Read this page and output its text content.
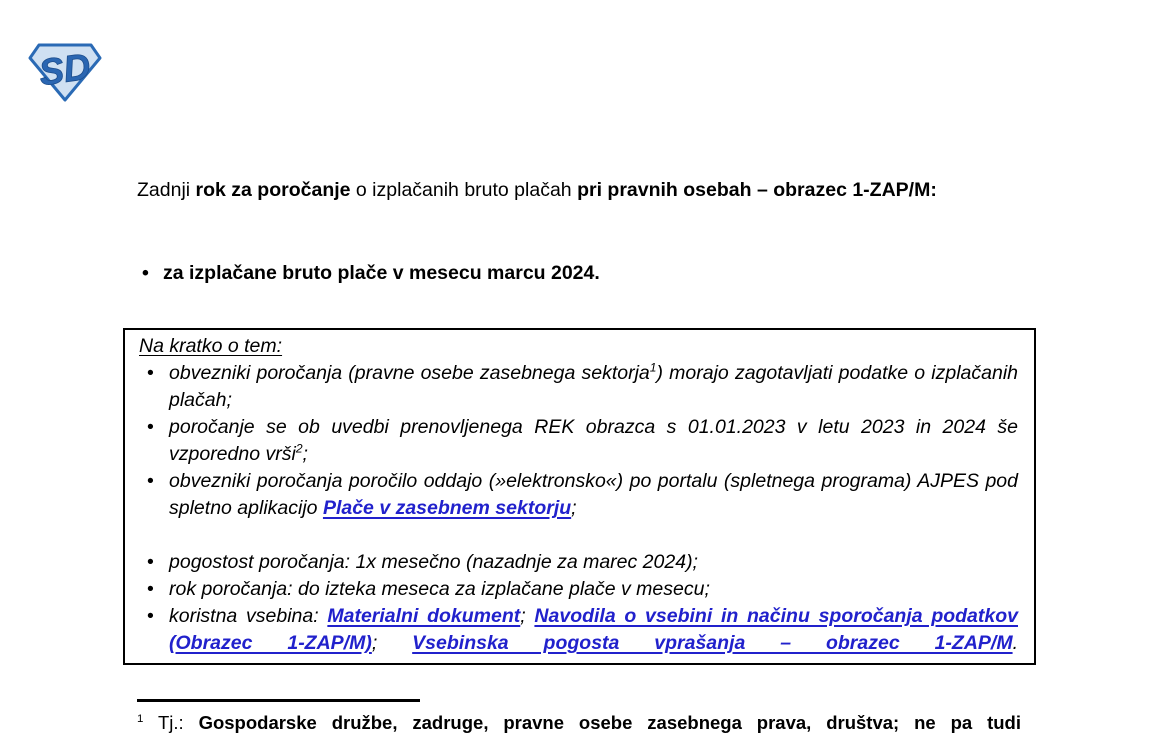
SD

Zadnji rok za poročanje o izplačanih bruto plačah pri pravnih osebah – obrazec 1-ZAP/M:

• za izplačane bruto plače v mesecu marcu 2024.
Na kratko o tem:
• obvezniki poročanja (pravne osebe zasebnega sektorja$^1$) morajo zagotavljati podatke o izplačanih plačah;
• poročanje se ob uvedbi prenovljenega REK obrazca s 01.01.2023 v letu 2023 in 2024 še vzporedno vrši$^2$;
• obvezniki poročanja poročilo oddajo (»elektronsko«) po portalu (spletnega programa) AJPES pod spletno aplikacijo Plače v zasebnem sektorju;
• pogostost poročanja: 1x mesečno (nazadnje za marec 2024);
• rok poročanja: do izteka meseca za izplačane plače v mesecu;
• koristna vsebina: Materialni dokument; Navodila o vsebini in načinu sporočanja podatkov (Obrazec 1-ZAP/M); Vsebinska pogosta vprašanja – obrazec 1-ZAP/M.
$^1$ Tj.: Gospodarske družbe, zadruge, pravne osebe zasebnega prava, društva; ne pa tudi
